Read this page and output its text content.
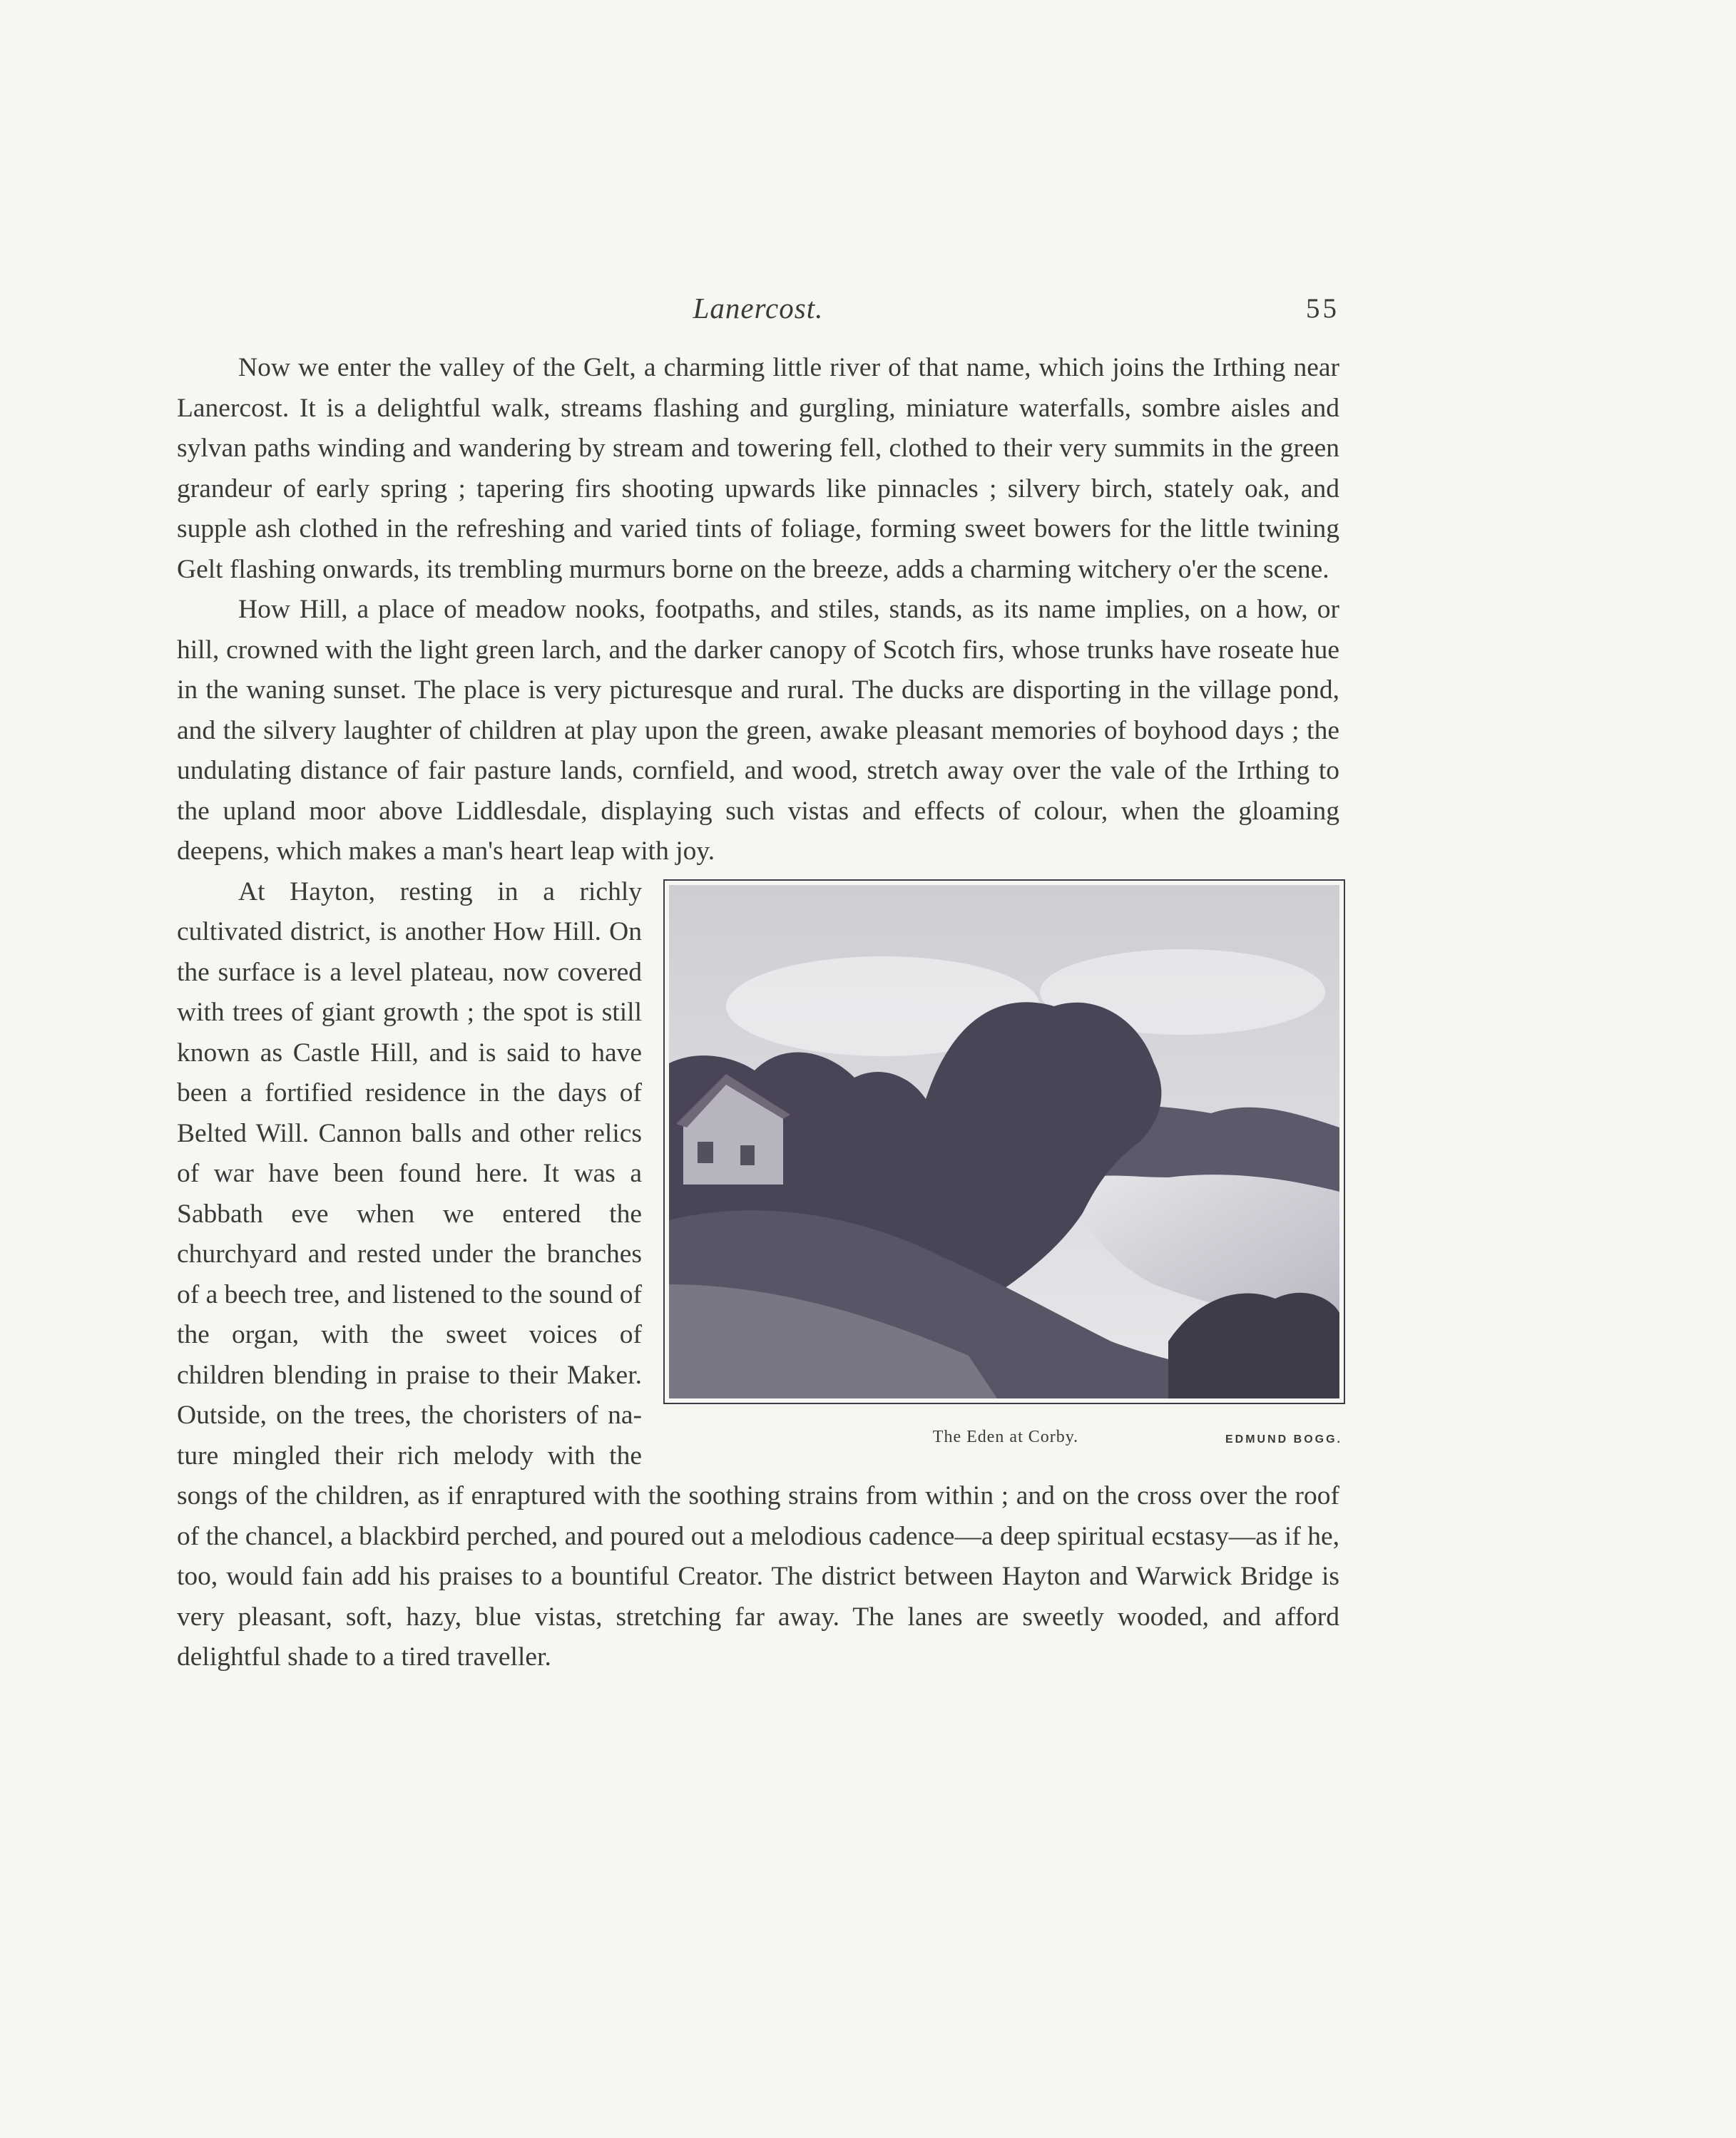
Lanercost.	55

Now we enter the valley of the Gelt, a charming little river of that name, which joins the Irthing near Lanercost. It is a delightful walk, streams flashing and gurgling, miniature waterfalls, sombre aisles and sylvan paths winding and wandering by stream and towering fell, clothed to their very summits in the green grandeur of early spring ; tapering firs shooting upwards like pinnacles ; silvery birch, stately oak, and supple ash clothed in the refreshing and varied tints of foliage, forming sweet bowers for the little twining Gelt flashing onwards, its trembling murmurs borne on the breeze, adds a charming witchery o'er the scene.

How Hill, a place of meadow nooks, footpaths, and stiles, stands, as its name implies, on a how, or hill, crowned with the light green larch, and the darker canopy of Scotch firs, whose trunks have roseate hue in the waning sunset. The place is very picturesque and rural. The ducks are disporting in the village pond, and the silvery laughter of children at play upon the green, awake pleasant memories of boyhood days ; the undulating distance of fair pasture lands, cornfield, and wood, stretch away over the vale of the Irthing to the upland moor above Liddlesdale, displaying such vistas and effects of colour, when the gloaming deepens, which makes a man's heart leap with joy.

The Eden at Corby.	EDMUND BOGG.

At Hayton, resting in a richly cultivated district, is another How Hill. On the surface is a level plateau, now covered with trees of giant growth ; the spot is still known as Castle Hill, and is said to have been a fortified residence in the days of Belted Will. Cannon balls and other relics of war have been found here. It was a Sabbath eve when we entered the churchyard and rested under the branches of a beech tree, and listened to the sound of the organ, with the sweet voices of children blending in praise to their Maker. Outside, on the trees, the choristers of nature mingled their rich melody with the songs of the children, as if enraptured with the soothing strains from within ; and on the cross over the roof of the chancel, a blackbird perched, and poured out a melodious cadence—a deep spiritual ecstasy—as if he, too, would fain add his praises to a bountiful Creator. The district between Hayton and Warwick Bridge is very pleasant, soft, hazy, blue vistas, stretching far away. The lanes are sweetly wooded, and afford delightful shade to a tired traveller.
